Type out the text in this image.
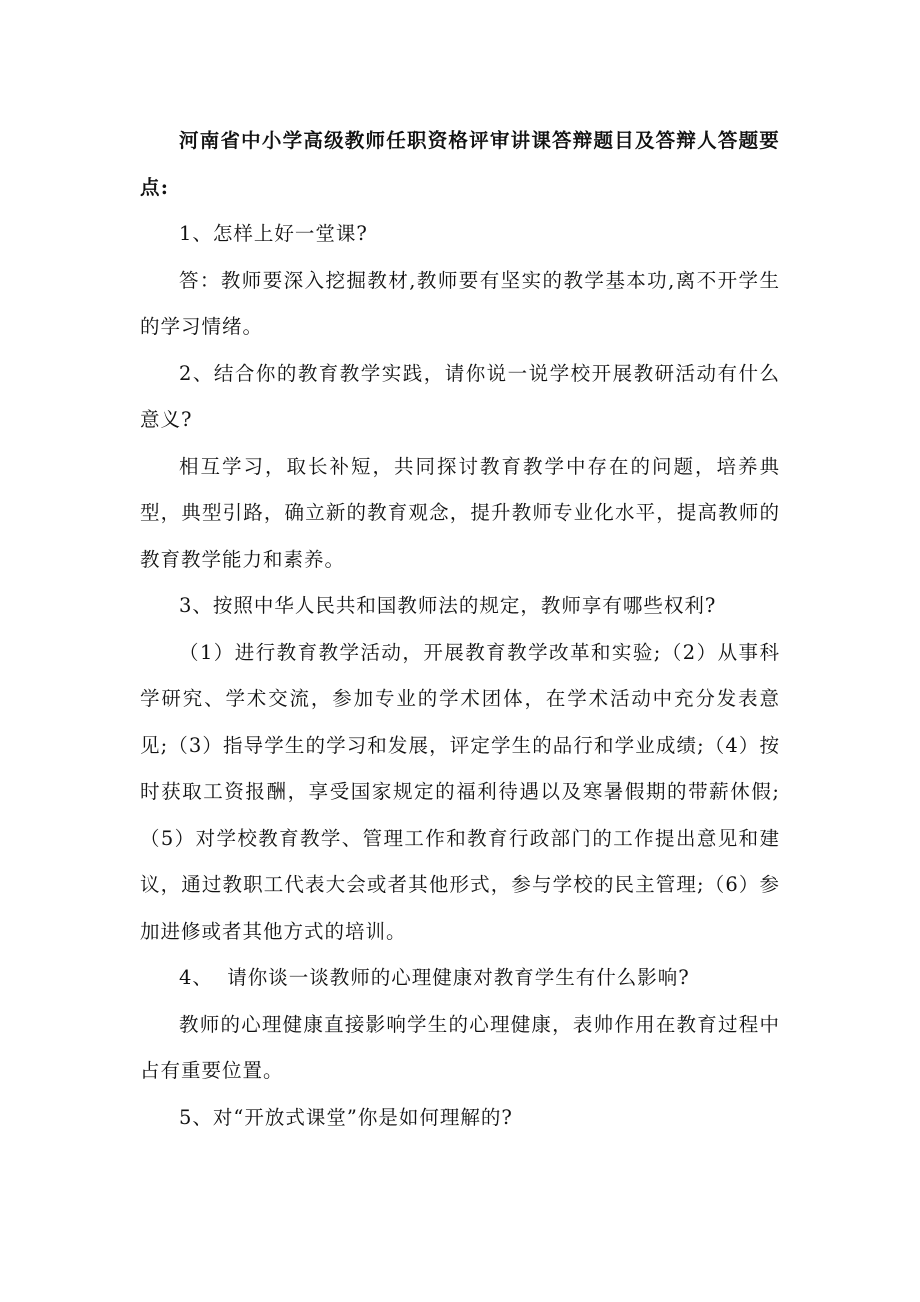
河南省中小学高级教师任职资格评审讲课答辩题目及答辩人答题要点:

1、怎样上好一堂课?

答：教师要深入挖掘教材,教师要有坚实的教学基本功,离不开学生的学习情绪。

2、结合你的教育教学实践，请你说一说学校开展教研活动有什么意义?

相互学习，取长补短，共同探讨教育教学中存在的问题，培养典型，典型引路，确立新的教育观念，提升教师专业化水平，提高教师的教育教学能力和素养。

3、按照中华人民共和国教师法的规定，教师享有哪些权利?

（1）进行教育教学活动，开展教育教学改革和实验;（2）从事科学研究、学术交流，参加专业的学术团体，在学术活动中充分发表意见;（3）指导学生的学习和发展，评定学生的品行和学业成绩;（4）按时获取工资报酬，享受国家规定的福利待遇以及寒暑假期的带薪休假; （5）对学校教育教学、管理工作和教育行政部门的工作提出意见和建议，通过教职工代表大会或者其他形式，参与学校的民主管理;（6）参加进修或者其他方式的培训。

4、  请你谈一谈教师的心理健康对教育学生有什么影响?

教师的心理健康直接影响学生的心理健康，表帅作用在教育过程中占有重要位置。

5、对“开放式课堂”你是如何理解的?
